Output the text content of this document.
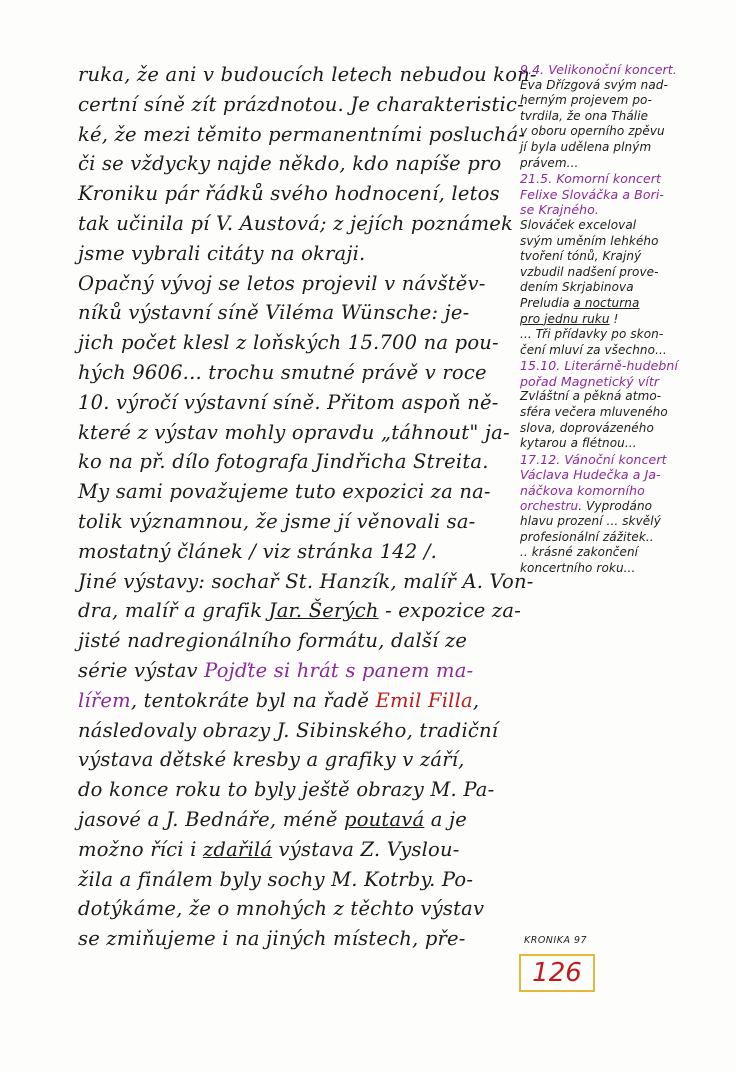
ruka, že ani v budoucích letech nebudou kon-
certní síně zít prázdnotou. Je charakteristic-
ké, že mezi těmito permanentními posluchá-
či se vždycky najde někdo, kdo napíše pro
Kroniku pár řádků svého hodnocení, letos
tak učinila pí V. Austová; z jejích poznámek
jsme vybrali citáty na okraji.
Opačný vývoj se letos projevil v návštěv-
níků výstavní síně Viléma Wünsche: je-
jich počet klesl z loňských 15.700 na pou-
hých 9606... trochu smutné právě v roce
10. výročí výstavní síně. Přitom aspoň ně-
které z výstav mohly opravdu „táhnout" ja-
ko na př. dílo fotografa Jindřicha Streita.
My sami považujeme tuto expozici za na-
tolik významnou, že jsme jí věnovali sa-
mostatný článek / viz stránka 142 /.
Jiné výstavy: sochař St. Hanzík, malíř A. Von-
dra, malíř a grafik Jar. Šerých - expozice za-
jisté nadregionálního formátu, další ze
série výstav Pojďte si hrát s panem ma-
lířem, tentokráte byl na řadě Emil Filla,
následovaly obrazy J. Sibinského, tradiční
výstava dětské kresby a grafiky v září,
do konce roku to byly ještě obrazy M. Pa-
jasové a J. Bednáře, méně poutavá a je
možno říci i zdařilá výstava Z. Vyslou-
žila a finálem byly sochy M. Kotrby. Po-
dotýkáme, že o mnohých z těchto výstav
se zmiňujeme i na jiných místech, pře-
9.4. Velikonoční koncert.
Eva Dřízgová svým nad-
herným projevem po-
tvrdila, že ona Thálie
v oboru operního zpěvu
jí byla udělena plným
právem...
21.5. Komorní koncert
Felixe Slováčka a Bori-
se Krajného.
Slováček exceloval
svým uměním lehkého
tvoření tónů, Krajný
vzbudil nadšení prove-
dením Skrjabinova
Preludia a nocturna
pro jednu ruku !
... Tři přídavky po skon-
čení mluví za všechno...
15.10. Literárně-hudební
pořad Magnetický vítr
Zvláštní a pěkná atmo-
sféra večera mluveného
slova, doprovázeného
kytarou a flétnou...
17.12. Vánoční koncert
Václava Hudečka a Ja-
náčkova komorního
orchestru. Vyprodáno
hlavu prození ... skvělý
profesionální zážitek..
.. krásné zakončení
koncertního roku...
KRONIKA 97
126
